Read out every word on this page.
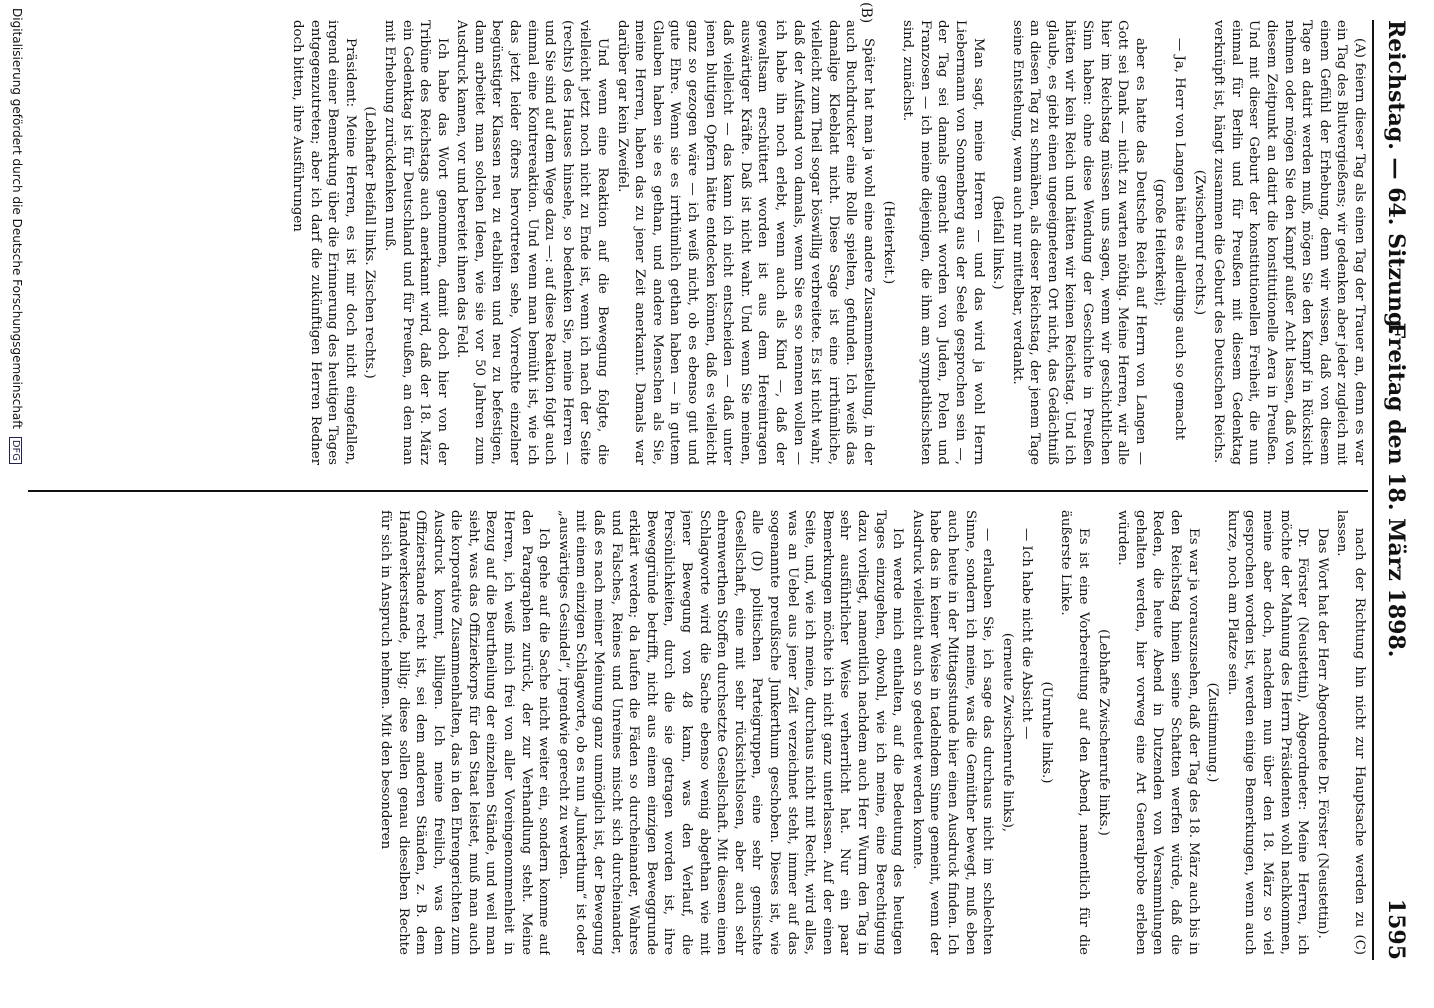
Reichstag. — 64. Sitzung.
Freitag den 18. März 1898.
1595

(A) feiern dieser Tag als einen Tag der Trauer an, denn es war ein Tag des Blutvergießens; wir gedenken aber jeder zugleich mit einem Gefühl der Erhebung, denn wir wissen, daß von diesem Tage an datirt werden muß, mögen Sie den Kampf in Rücksicht nehmen oder mögen Sie den Kampf außer Acht lassen, daß von diesem Zeitpunkt an datirt die konstitutionelle Aera in Preußen. Und mit dieser Geburt der konstitutionellen Freiheit, die nun einmal für Berlin und für Preußen mit diesem Gedenktag verknüpft ist, hängt zusammen die Geburt des Deutschen Reichs.

(Zwischenruf rechts.)

— Ja, Herr von Langen hätte es allerdings auch so gemacht

(große Heiterkeit);

aber es hatte das Deutsche Reich auf Herrn von Langen — Gott sei Dank — nicht zu warten nöthig. Meine Herren, wir alle hier im Reichstag müssen uns sagen, wenn wir geschichtlichen Sinn haben: ohne diese Wendung der Geschichte in Preußen hätten wir kein Reich und hätten wir keinen Reichstag. Und ich glaube, es giebt einen ungeeigneteren Ort nicht, das Gedächtniß an diesen Tag zu schmähen, als dieser Reichstag, der jenem Tage seine Entstehung, wenn auch nur mittelbar, verdankt.

(Beifall links.)

Man sagt, meine Herren — und das wird ja wohl Herrn Liebermann von Sonnenberg aus der Seele gesprochen sein —, der Tag sei damals gemacht worden von Juden, Polen und Franzosen — ich meine diejenigen, die ihm am sympathischsten sind, zunächst.

(Heiterkeit.)

Später hat man ja wohl eine andere Zusammenstellung, in der auch Buchdrucker eine Rolle spielten, gefunden. Ich weiß das damalige Kleeblatt nicht. Diese Sage ist eine irrthümliche, vielleicht zum Theil sogar böswillig verbreitete. Es ist nicht wahr, daß der Aufstand von damals, wenn Sie es so nennen wollen — ich habe ihn noch erlebt, wenn auch als Kind —, daß der gewaltsam erschüttert worden ist aus dem Hereintragen auswärtiger Kräfte. Daß ist nicht wahr. Und wenn Sie meinen, daß vielleicht — das kann ich nicht entscheiden — daß unter jenen blutigen Opfern hätte entdecken können, daß es vielleicht ganz so gezogen wäre — ich weiß nicht, ob es ebenso gut und gute Ehre. Wenn sie es irrthümlich gethan haben — in gutem Glauben haben sie es gethan, und andere Menschen als Sie, meine Herren, haben das zu jener Zeit anerkannt. Damals war darüber gar kein Zweifel.

Und wenn eine Reaktion auf die Bewegung folgte, die vielleicht jetzt noch nicht zu Ende ist, wenn ich nach der Seite (rechts) des Hauses hinsehe, so bedenken Sie, meine Herren — und Sie sind auf dem Wege dazu —: auf diese Reaktion folgt auch einmal eine Kontrereaktion. Und wenn man bemüht ist, wie ich das jetzt leider öfters hervortreten sehe, Vorrechte einzelner begünstigter Klassen neu zu etabliren und neu zu befestigen, dann arbeitet man solchen Ideen, wie sie vor 50 Jahren zum Ausdruck kamen, vor und bereitet ihnen das Feld.

Ich habe das Wort genommen, damit doch hier von der Tribüne des Reichstags auch anerkannt wird, daß der 18. März ein Gedenktag ist für Deutschland und für Preußen, an den man mit Erhebung zurückdenken muß.

(Lebhafter Beifall links. Zischen rechts.)

Präsident: Meine Herren, es ist mir doch nicht eingefallen, irgend einer Bemerkung über die Erinnerung des heutigen Tages entgegenzutreten; aber ich darf die zukünftigen Herren Redner doch bitten, ihre Ausführungen

nach der Richtung hin nicht zur Hauptsache werden zu (C) lassen.

Das Wort hat der Herr Abgeordnete Dr. Förster (Neustettin).

Dr. Förster (Neustettin), Abgeordneter: Meine Herren, ich möchte der Mahnung des Herrn Präsidenten wohl nachkommen, meine aber doch, nachdem nun über den 18. März so viel gesprochen worden ist, werden einige Bemerkungen, wenn auch kurze, noch am Platze sein.

(Zustimmung.)

Es war ja vorauszusehen, daß der Tag des 18. März auch bis in den Reichstag hinein seine Schatten werfen würde, daß die Reden, die heute Abend in Dutzenden von Versammlungen gehalten werden, hier vorweg eine Art Generalprobe erleben würden.

(Lebhafte Zwischenrufe links.)

Es ist eine Vorbereitung auf den Abend, namentlich für die äußerste Linke.

(Unruhe links.)

— Ich habe nicht die Absicht —

(erneute Zwischenrufe links),

— erlauben Sie, ich sage das durchaus nicht im schlechten Sinne, sondern ich meine, was die Gemüther bewegt, muß eben auch heute in der Mittagsstunde hier einen Ausdruck finden. Ich habe das in keiner Weise in tadelndem Sinne gemeint, wenn der Ausdruck vielleicht auch so gedeutet werden konnte.

Ich werde mich enthalten, auf die Bedeutung des heutigen Tages einzugehen, obwohl, wie ich meine, eine Berechtigung dazu vorliegt, namentlich nachdem auch Herr Wurm den Tag in sehr ausführlicher Weise verherrlicht hat. Nur ein paar Bemerkungen möchte ich nicht ganz unterlassen. Auf der einen Seite, und, wie ich meine, durchaus nicht mit Recht, wird alles, was an Uebel aus jener Zeit verzeichnet steht, immer auf das sogenannte preußische Junkerthum geschoben. Dieses ist, wie alle (D) politischen Parteigruppen, eine sehr gemischte Gesellschaft, eine mit sehr rücksichtslosen, aber auch sehr ehrenwerthen Stoffen durchsetzte Gesellschaft. Mit diesem einen Schlagworte wird die Sache ebenso wenig abgethan wie mit jener Bewegung von 48 kann, was den Verlauf, die Persönlichkeiten, durch die sie getragen worden ist, ihre Beweggründe betrifft, nicht aus einem einzigen Beweggrunde erklärt werden; da laufen die Fäden so durcheinander, Wahres und Falsches, Reines und Unreines mischt sich durcheinander, daß es nach meiner Meinung ganz unmöglich ist, der Bewegung mit einem einzigen Schlagworte, ob es nun „Junkerthum“ ist oder „auswärtiges Gesindel“, irgendwie gerecht zu werden.

Ich gehe auf die Sache nicht weiter ein, sondern komme auf den Paragraphen zurück, der zur Verhandlung steht. Meine Herren, ich weiß mich frei von aller Voreingenommenheit in Bezug auf die Beurtheilung der einzelnen Stände, und weil man sieht, was das Offizierkorps für den Staat leistet, muß man auch die korporative Zusammenhalten, das in den Ehrengerichten zum Ausdruck kommt, billigen. Ich meine freilich, was dem Offizierstande recht ist, sei dem anderen Ständen, z. B. dem Handwerkerstande, billig; diese sollen genau dieselben Rechte für sich in Anspruch nehmen. Mit den besonderen

(B)
Digitalisierung gefördert durch die Deutsche Forschungsgemeinschaft DFG
